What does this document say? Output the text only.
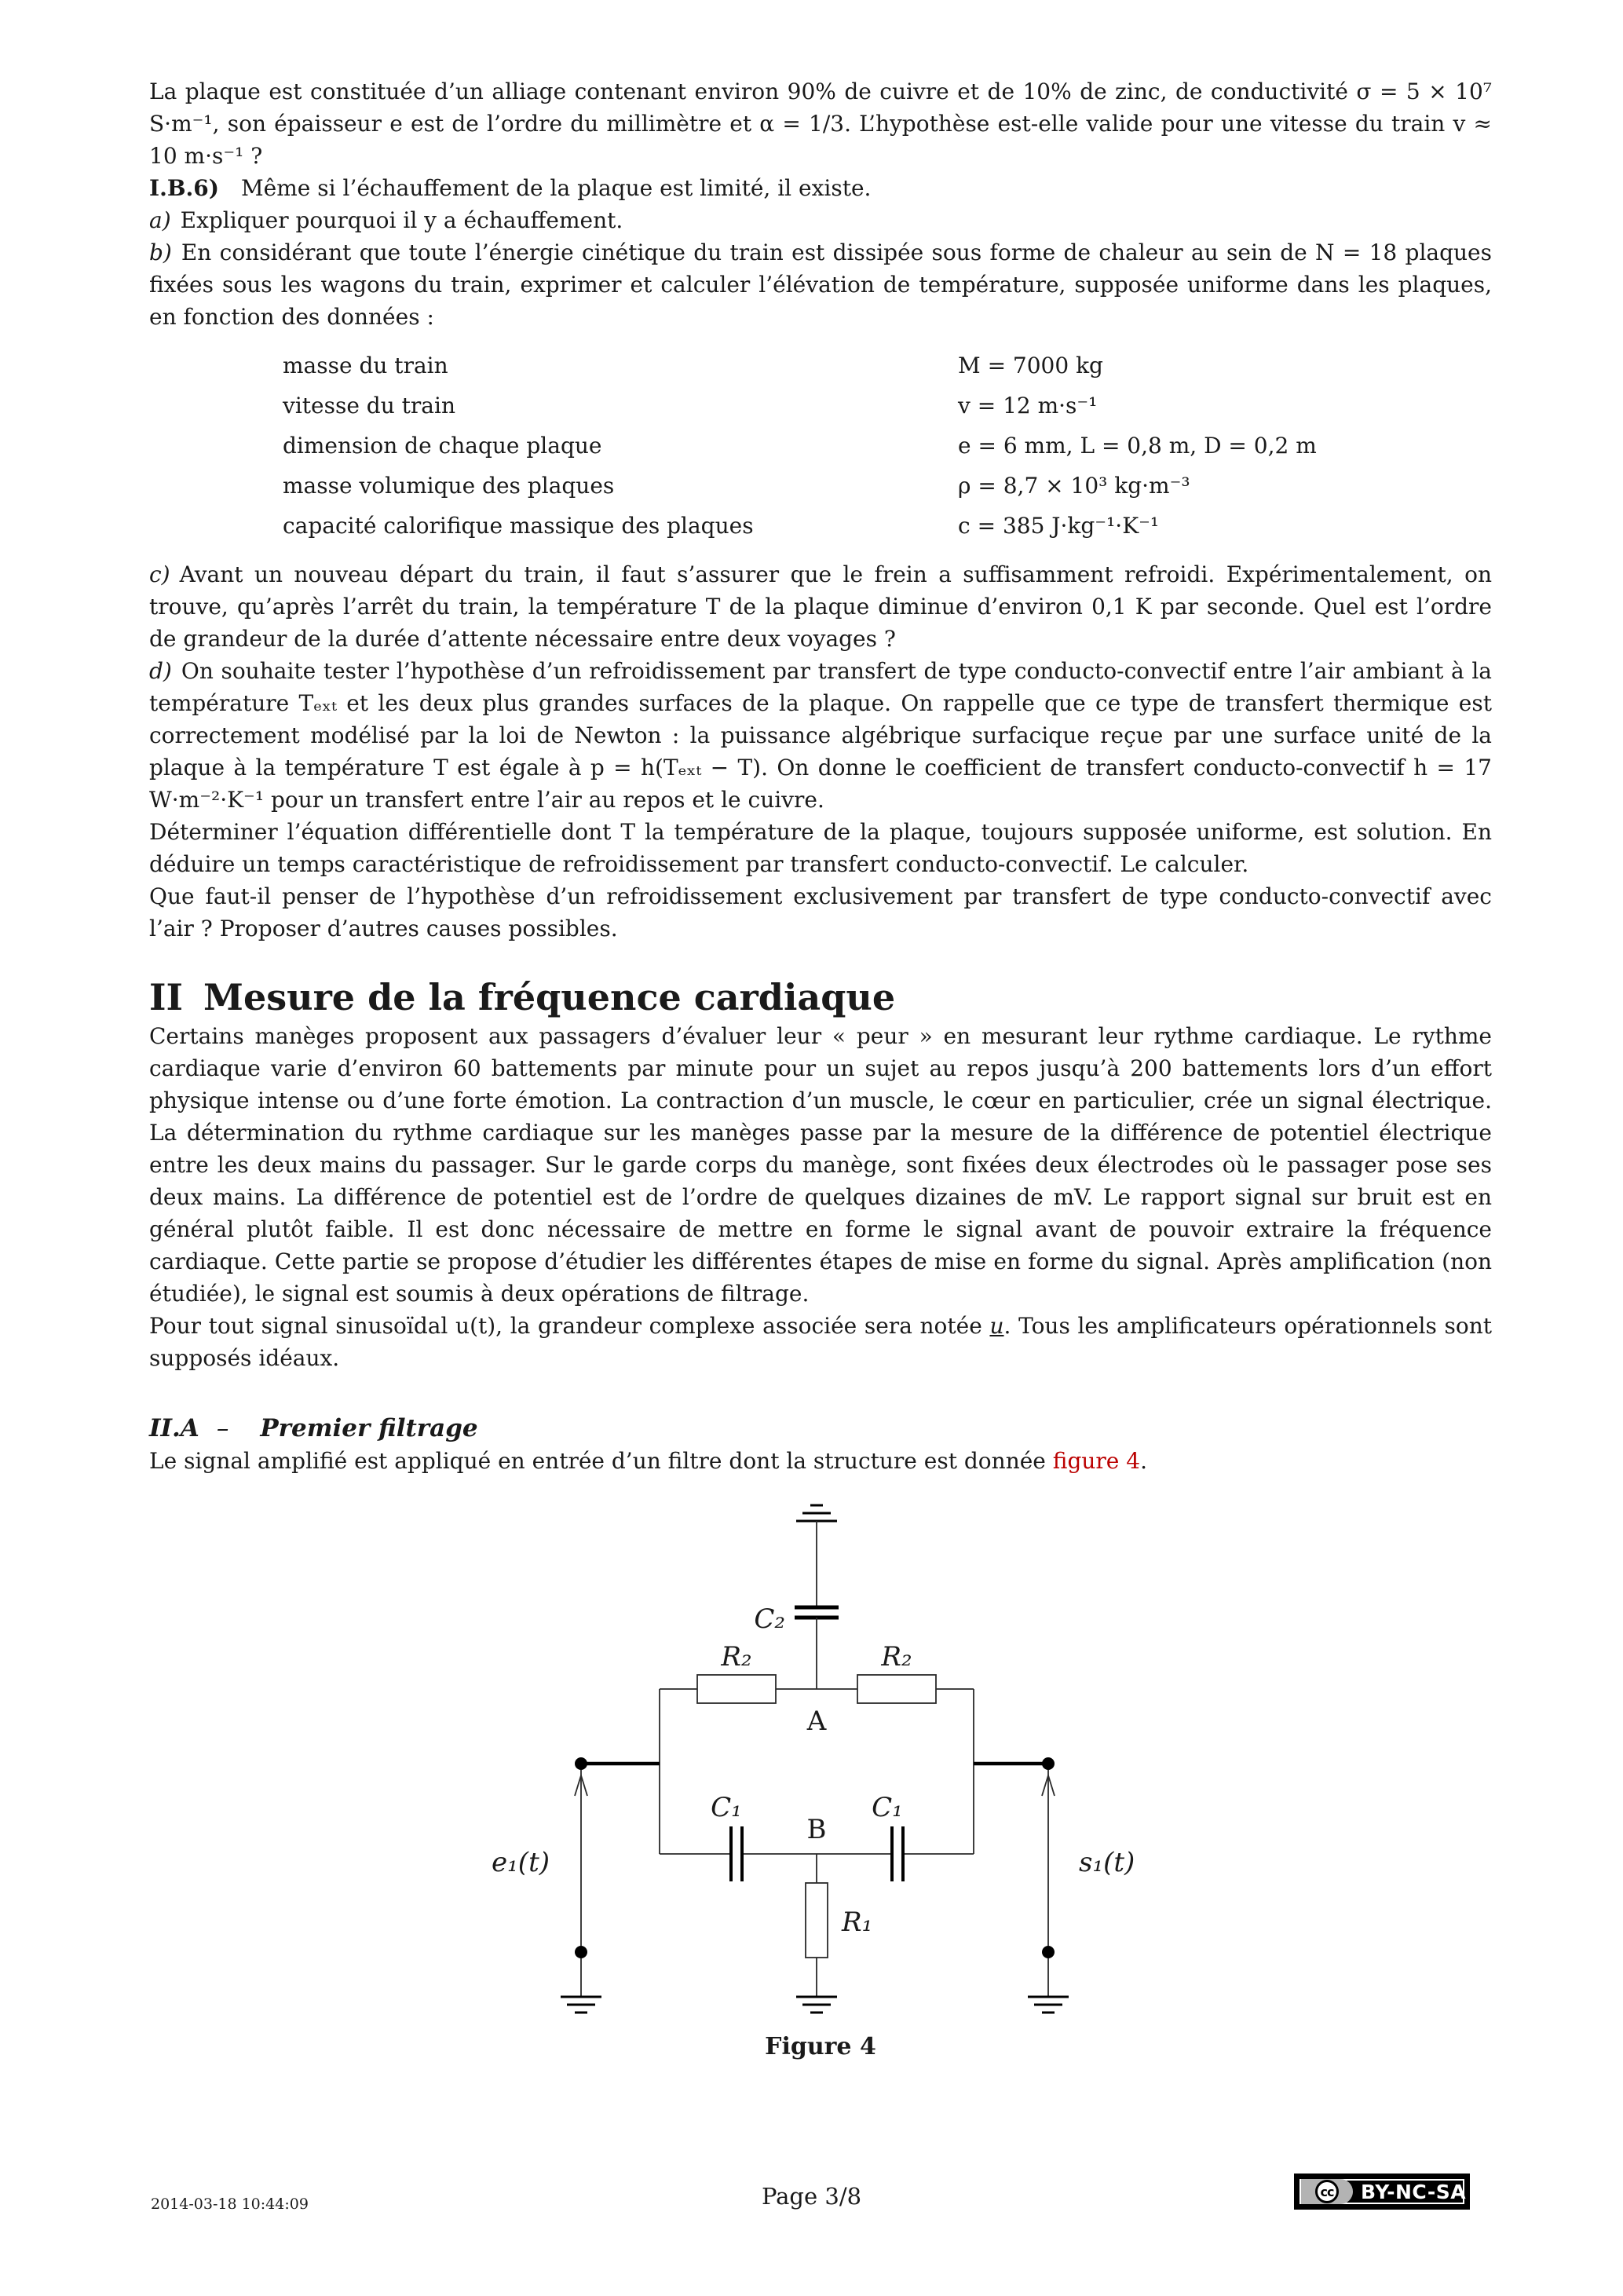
La plaque est constituée d’un alliage contenant environ 90% de cuivre et de 10% de zinc, de conductivité σ = 5 × 10⁷ S·m⁻¹, son épaisseur e est de l’ordre du millimètre et α = 1/3. L’hypothèse est-elle valide pour une vitesse du train v ≈ 10 m·s⁻¹ ?

I.B.6) Même si l’échauffement de la plaque est limité, il existe.

a) Expliquer pourquoi il y a échauffement.

b) En considérant que toute l’énergie cinétique du train est dissipée sous forme de chaleur au sein de N = 18 plaques fixées sous les wagons du train, exprimer et calculer l’élévation de température, supposée uniforme dans les plaques, en fonction des données :

masse du train	M = 7000 kg
vitesse du train	v = 12 m·s⁻¹
dimension de chaque plaque	e = 6 mm, L = 0,8 m, D = 0,2 m
masse volumique des plaques	ρ = 8,7 × 10³ kg·m⁻³
capacité calorifique massique des plaques	c = 385 J·kg⁻¹·K⁻¹

c) Avant un nouveau départ du train, il faut s’assurer que le frein a suffisamment refroidi. Expérimentalement, on trouve, qu’après l’arrêt du train, la température T de la plaque diminue d’environ 0,1 K par seconde. Quel est l’ordre de grandeur de la durée d’attente nécessaire entre deux voyages ?

d) On souhaite tester l’hypothèse d’un refroidissement par transfert de type conducto-convectif entre l’air ambiant à la température Tₑₓₜ et les deux plus grandes surfaces de la plaque. On rappelle que ce type de transfert thermique est correctement modélisé par la loi de Newton : la puissance algébrique surfacique reçue par une surface unité de la plaque à la température T est égale à p = h(Tₑₓₜ − T). On donne le coefficient de transfert conducto-convectif h = 17 W·m⁻²·K⁻¹ pour un transfert entre l’air au repos et le cuivre.

Déterminer l’équation différentielle dont T la température de la plaque, toujours supposée uniforme, est solution. En déduire un temps caractéristique de refroidissement par transfert conducto-convectif. Le calculer.

Que faut-il penser de l’hypothèse d’un refroidissement exclusivement par transfert de type conducto-convectif avec l’air ? Proposer d’autres causes possibles.

II Mesure de la fréquence cardiaque

Certains manèges proposent aux passagers d’évaluer leur « peur » en mesurant leur rythme cardiaque. Le rythme cardiaque varie d’environ 60 battements par minute pour un sujet au repos jusqu’à 200 battements lors d’un effort physique intense ou d’une forte émotion. La contraction d’un muscle, le cœur en particulier, crée un signal électrique. La détermination du rythme cardiaque sur les manèges passe par la mesure de la différence de potentiel électrique entre les deux mains du passager. Sur le garde corps du manège, sont fixées deux électrodes où le passager pose ses deux mains. La différence de potentiel est de l’ordre de quelques dizaines de mV. Le rapport signal sur bruit est en général plutôt faible. Il est donc nécessaire de mettre en forme le signal avant de pouvoir extraire la fréquence cardiaque. Cette partie se propose d’étudier les différentes étapes de mise en forme du signal. Après amplification (non étudiée), le signal est soumis à deux opérations de filtrage.

Pour tout signal sinusoïdal u(t), la grandeur complexe associée sera notée u. Tous les amplificateurs opérationnels sont supposés idéaux.

II.A – Premier filtrage

Le signal amplifié est appliqué en entrée d’un filtre dont la structure est donnée figure 4.

C₂
R₂	R₂
A
C₁	C₁
B
R₁
e₁(t)	s₁(t)
Figure 4
2014-03-18 10:44:09	Page 3/8	cc BY-NC-SA
